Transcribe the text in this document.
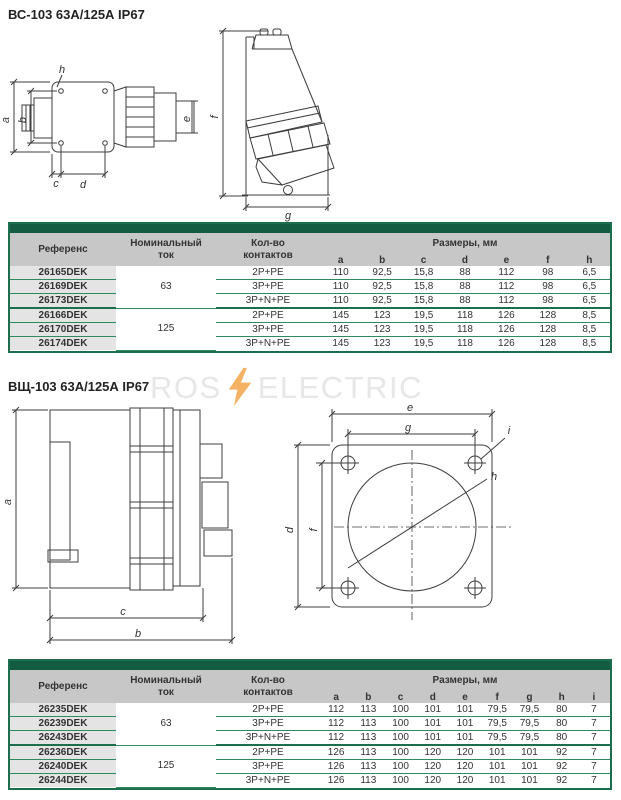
ROS ELECTRIC
ВС-103 63А/125А IP67
a b
c d
e
h
f
g
Референс	Номинальный ток	Кол-во контактов	Размеры, мм						
			a	b	c	d	e	f	h
26165DEK	63	2P+PE	110	92,5	15,8	88	112	98	6,5
26169DEK		3P+PE	110	92,5	15,8	88	112	98	6,5
26173DEK		3P+N+PE	110	92,5	15,8	88	112	98	6,5
26166DEK	125	2P+PE	145	123	19,5	118	126	128	8,5
26170DEK		3P+PE	145	123	19,5	118	126	128	8,5
26174DEK		3P+N+PE	145	123	19,5	118	126	128	8,5
ВЩ-103 63А/125А IP67
a
c
b
e
g
d f
h
i
Референс	Номинальный ток	Кол-во контактов	Размеры, мм								
			a	b	c	d	e	f	g	h	i
26235DEK	63	2P+PE	112	113	100	101	101	79,5	79,5	80	7
26239DEK		3P+PE	112	113	100	101	101	79,5	79,5	80	7
26243DEK		3P+N+PE	112	113	100	101	101	79,5	79,5	80	7
26236DEK	125	2P+PE	126	113	100	120	120	101	101	92	7
26240DEK		3P+PE	126	113	100	120	120	101	101	92	7
26244DEK		3P+N+PE	126	113	100	120	120	101	101	92	7
